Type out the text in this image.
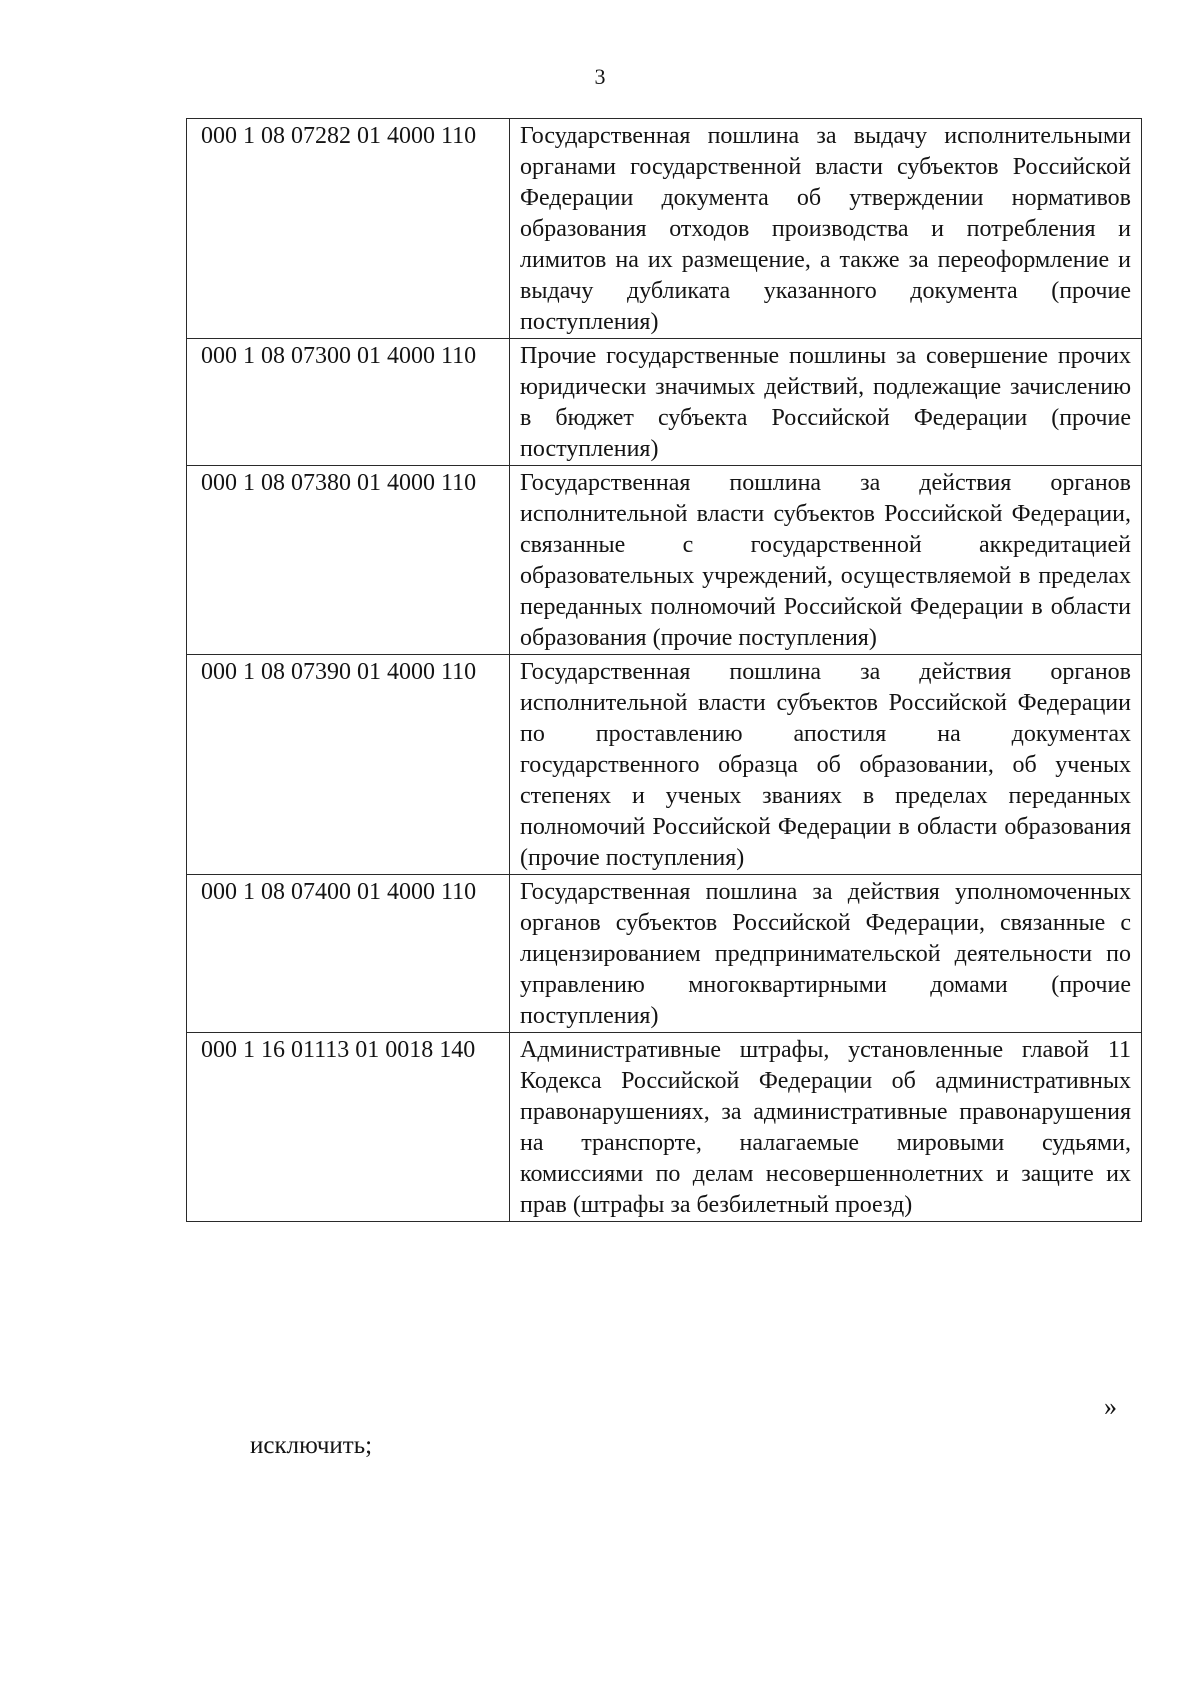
3
000 1 08 07282 01 4000 110	Государственная пошлина за выдачу исполнительными органами государственной власти субъектов Российской Федерации документа об утверждении нормативов образования отходов производства и потребления и лимитов на их размещение, а также за переоформление и выдачу дубликата указанного документа (прочие поступления)
000 1 08 07300 01 4000 110	Прочие государственные пошлины за совершение прочих юридически значимых действий, подлежащие зачислению в бюджет субъекта Российской Федерации (прочие поступления)
000 1 08 07380 01 4000 110	Государственная пошлина за действия органов исполнительной власти субъектов Российской Федерации, связанные с государственной аккредитацией образовательных учреждений, осуществляемой в пределах переданных полномочий Российской Федерации в области образования (прочие поступления)
000 1 08 07390 01 4000 110	Государственная пошлина за действия органов исполнительной власти субъектов Российской Федерации по проставлению апостиля на документах государственного образца об образовании, об ученых степенях и ученых званиях в пределах переданных полномочий Российской Федерации в области образования (прочие поступления)
000 1 08 07400 01 4000 110	Государственная пошлина за действия уполномоченных органов субъектов Российской Федерации, связанные с лицензированием предпринимательской деятельности по управлению многоквартирными домами (прочие поступления)
000 1 16 01113 01 0018 140	Административные штрафы, установленные главой 11 Кодекса Российской Федерации об административных правонарушениях, за административные правонарушения на транспорте, налагаемые мировыми судьями, комиссиями по делам несовершеннолетних и защите их прав (штрафы за безбилетный проезд)
»
исключить;
